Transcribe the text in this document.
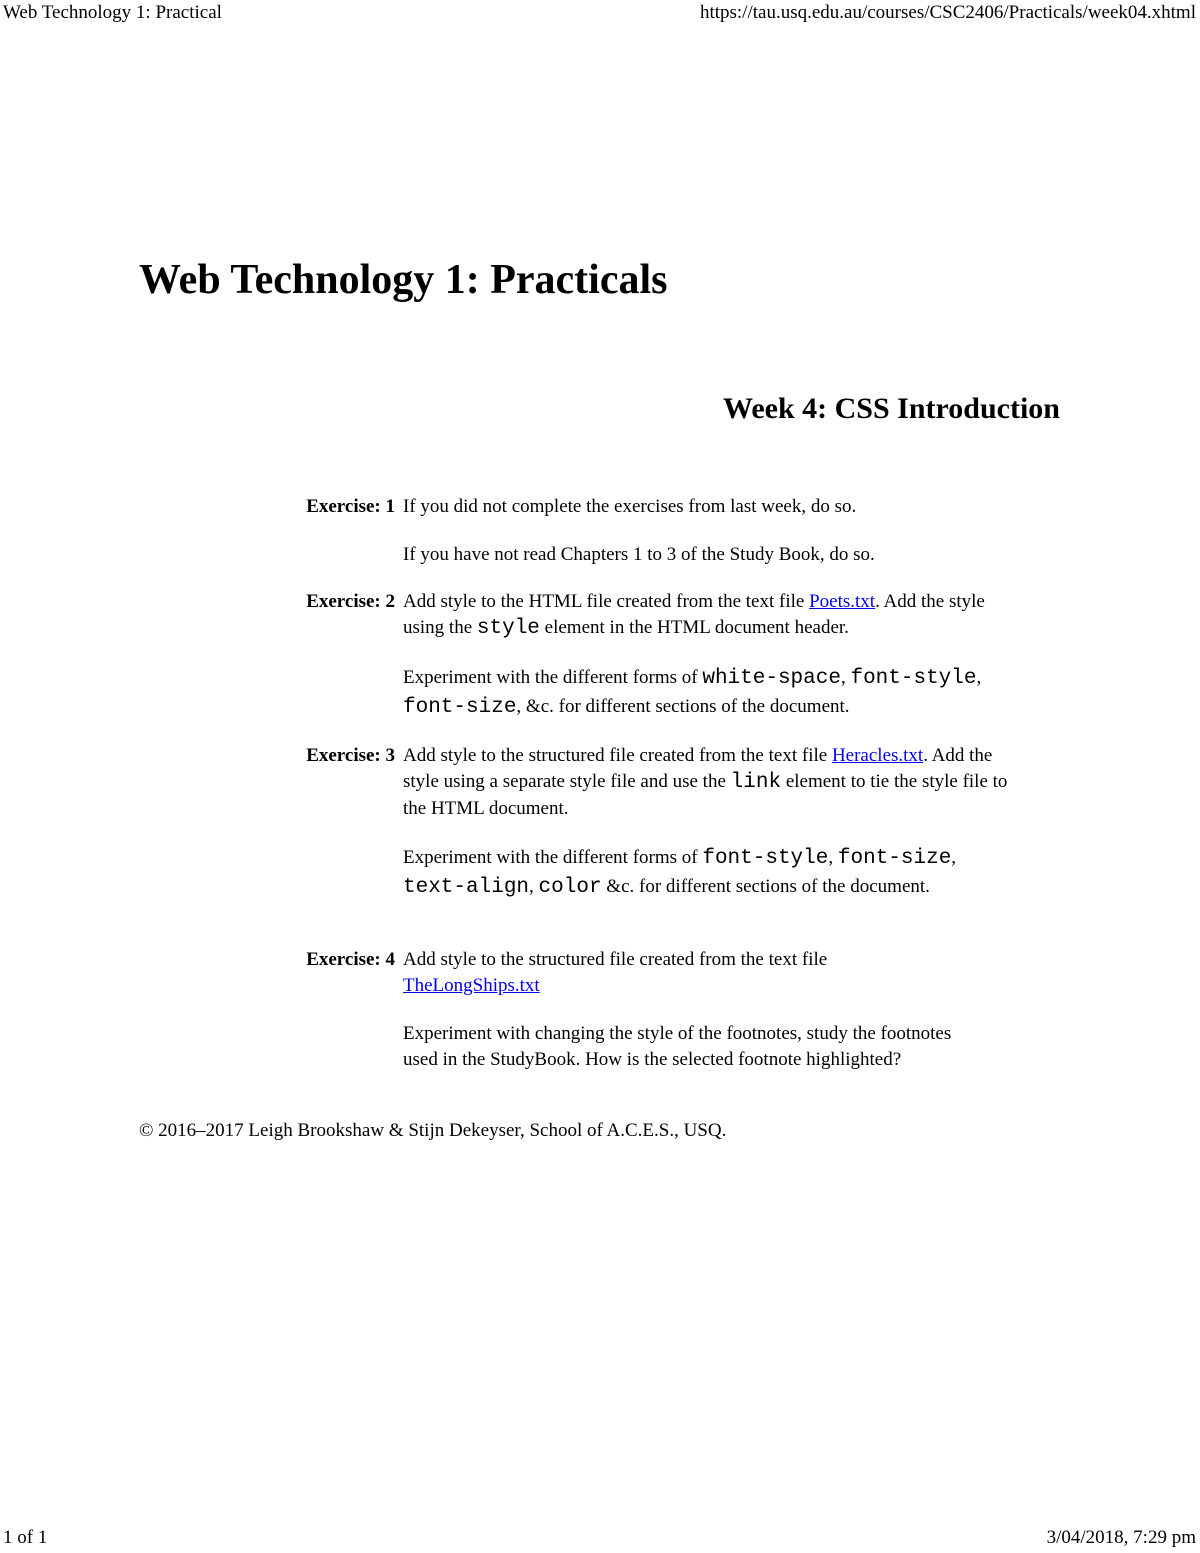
Web Technology 1: Practical	https://tau.usq.edu.au/courses/CSC2406/Practicals/week04.xhtml
Web Technology 1: Practicals
Week 4: CSS Introduction
Exercise: 1 If you did not complete the exercises from last week, do so.

If you have not read Chapters 1 to 3 of the Study Book, do so.

Exercise: 2 Add style to the HTML file created from the text file Poets.txt. Add the style using the style element in the HTML document header.

Experiment with the different forms of white-space, font-style, font-size, &c. for different sections of the document.

Exercise: 3 Add style to the structured file created from the text file Heracles.txt. Add the style using a separate style file and use the link element to tie the style file to the HTML document.

Experiment with the different forms of font-style, font-size, text-align, color &c. for different sections of the document.

Exercise: 4 Add style to the structured file created from the text file TheLongShips.txt

Experiment with changing the style of the footnotes, study the footnotes used in the StudyBook. How is the selected footnote highlighted?

© 2016–2017 Leigh Brookshaw & Stijn Dekeyser, School of A.C.E.S., USQ.
1 of 1	3/04/2018, 7:29 pm
